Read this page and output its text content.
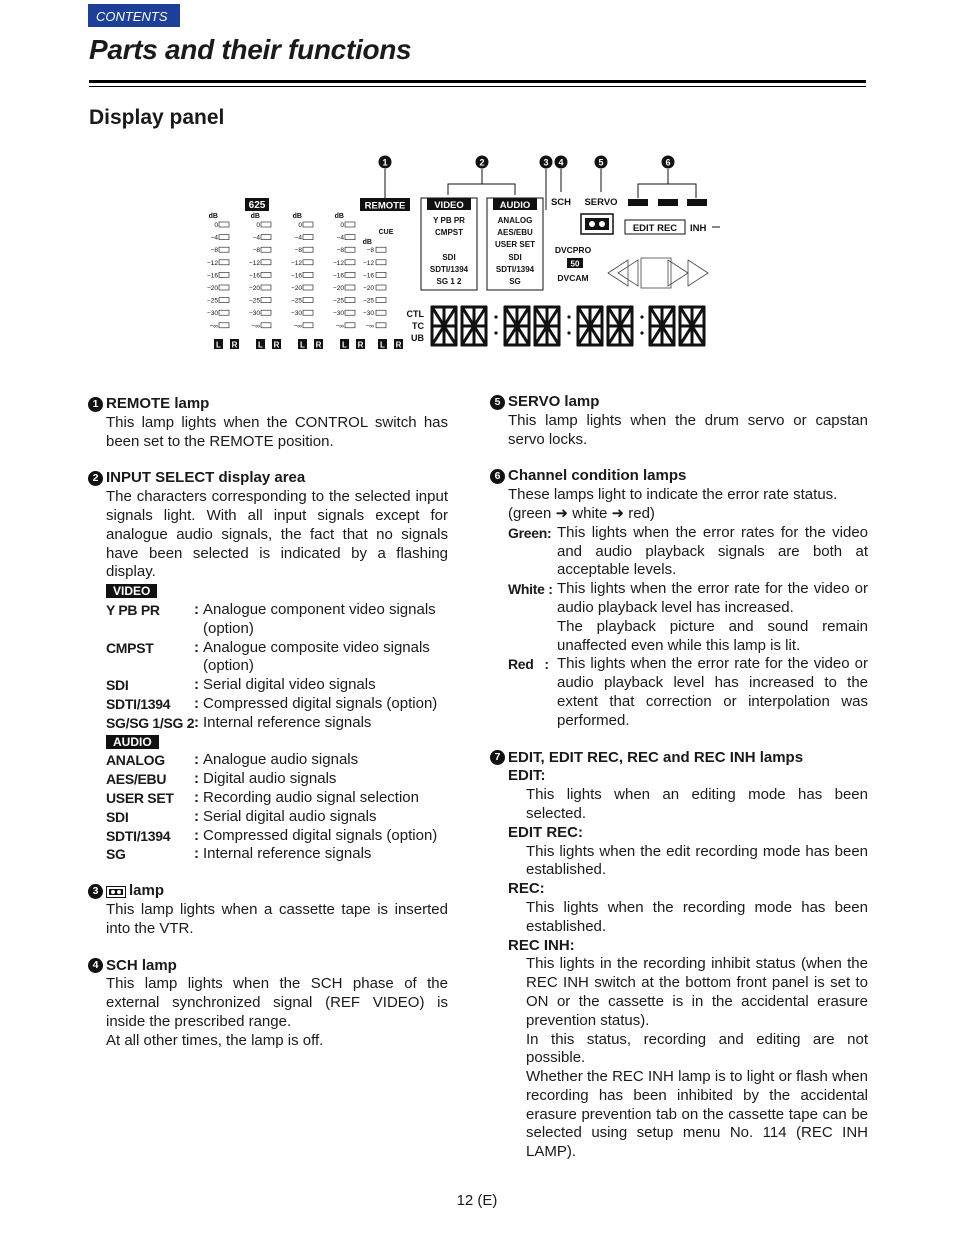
CONTENTS
Parts and their functions
Display panel
1	2	3 4	5	6
625
dB
0
−4
−8
−12
−16
−20
−25
−30
−∞
L R
dB
0
−4
−8
−12
−16
−20
−25
−30
−∞
L R
dB
0
−4
−8
−12
−16
−20
−25
−30
−∞
L R
dB
0
−4
−8
−12
−16
−20
−25
−30
−∞
L R
CUE
dB
−8
−12
−16
−20
−25
−30
−∞
L R
REMOTE	VIDEO
Y PB PR
CMPST
SDI
SDTI/1394
SG 1 2
AUDIO
ANALOG
AES/EBU
USER SET
SDI
SDTI/1394
SG
SCH SERVO
EDIT REC INH
DVCPRO
50
DVCAM
CTL
TC
UB
1 REMOTE lamp

This lamp lights when the CONTROL switch has been set to the REMOTE position.

2 INPUT SELECT display area

The characters corresponding to the selected input signals light. With all input signals except for analogue audio signals, the fact that no signals have been selected is indicated by a flashing display.

VIDEO
Y PB PR	: Analogue component video signals (option)
CMPST	: Analogue composite video signals (option)
SDI	: Serial digital video signals
SDTI/1394	: Compressed digital signals (option)
SG/SG 1/SG 2 : Internal reference signals
AUDIO
ANALOG	: Analogue audio signals
AES/EBU	: Digital audio signals
USER SET	: Recording audio signal selection
SDI	: Serial digital audio signals
SDTI/1394	: Compressed digital signals (option)
SG	: Internal reference signals
3	lamp

This lamp lights when a cassette tape is inserted into the VTR.

4 SCH lamp

This lamp lights when the SCH phase of the external synchronized signal (REF VIDEO) is inside the prescribed range.

At all other times, the lamp is off.

5 SERVO lamp

This lamp lights when the drum servo or capstan servo locks.

6 Channel condition lamps

These lamps light to indicate the error rate status.

(green ➜ white ➜ red)

Green: This lights when the error rates for the video and audio playback signals are both at acceptable levels.
White : This lights when the error rate for the video or audio playback level has increased.
The playback picture and sound remain unaffected even while this lamp is lit.
Red   : This lights when the error rate for the video or audio playback level has increased to the extent that correction or interpolation was performed.
7 EDIT, EDIT REC, REC and REC INH lamps
EDIT:
This lights when an editing mode has been selected.
EDIT REC:
This lights when the edit recording mode has been established.
REC:
This lights when the recording mode has been established.
REC INH:

This lights in the recording inhibit status (when the REC INH switch at the bottom front panel is set to ON or the cassette is in the accidental erasure prevention status).

In this status, recording and editing are not possible.

Whether the REC INH lamp is to light or flash when recording has been inhibited by the accidental erasure prevention tab on the cassette tape can be selected using setup menu No. 114 (REC INH LAMP).

12 (E)
